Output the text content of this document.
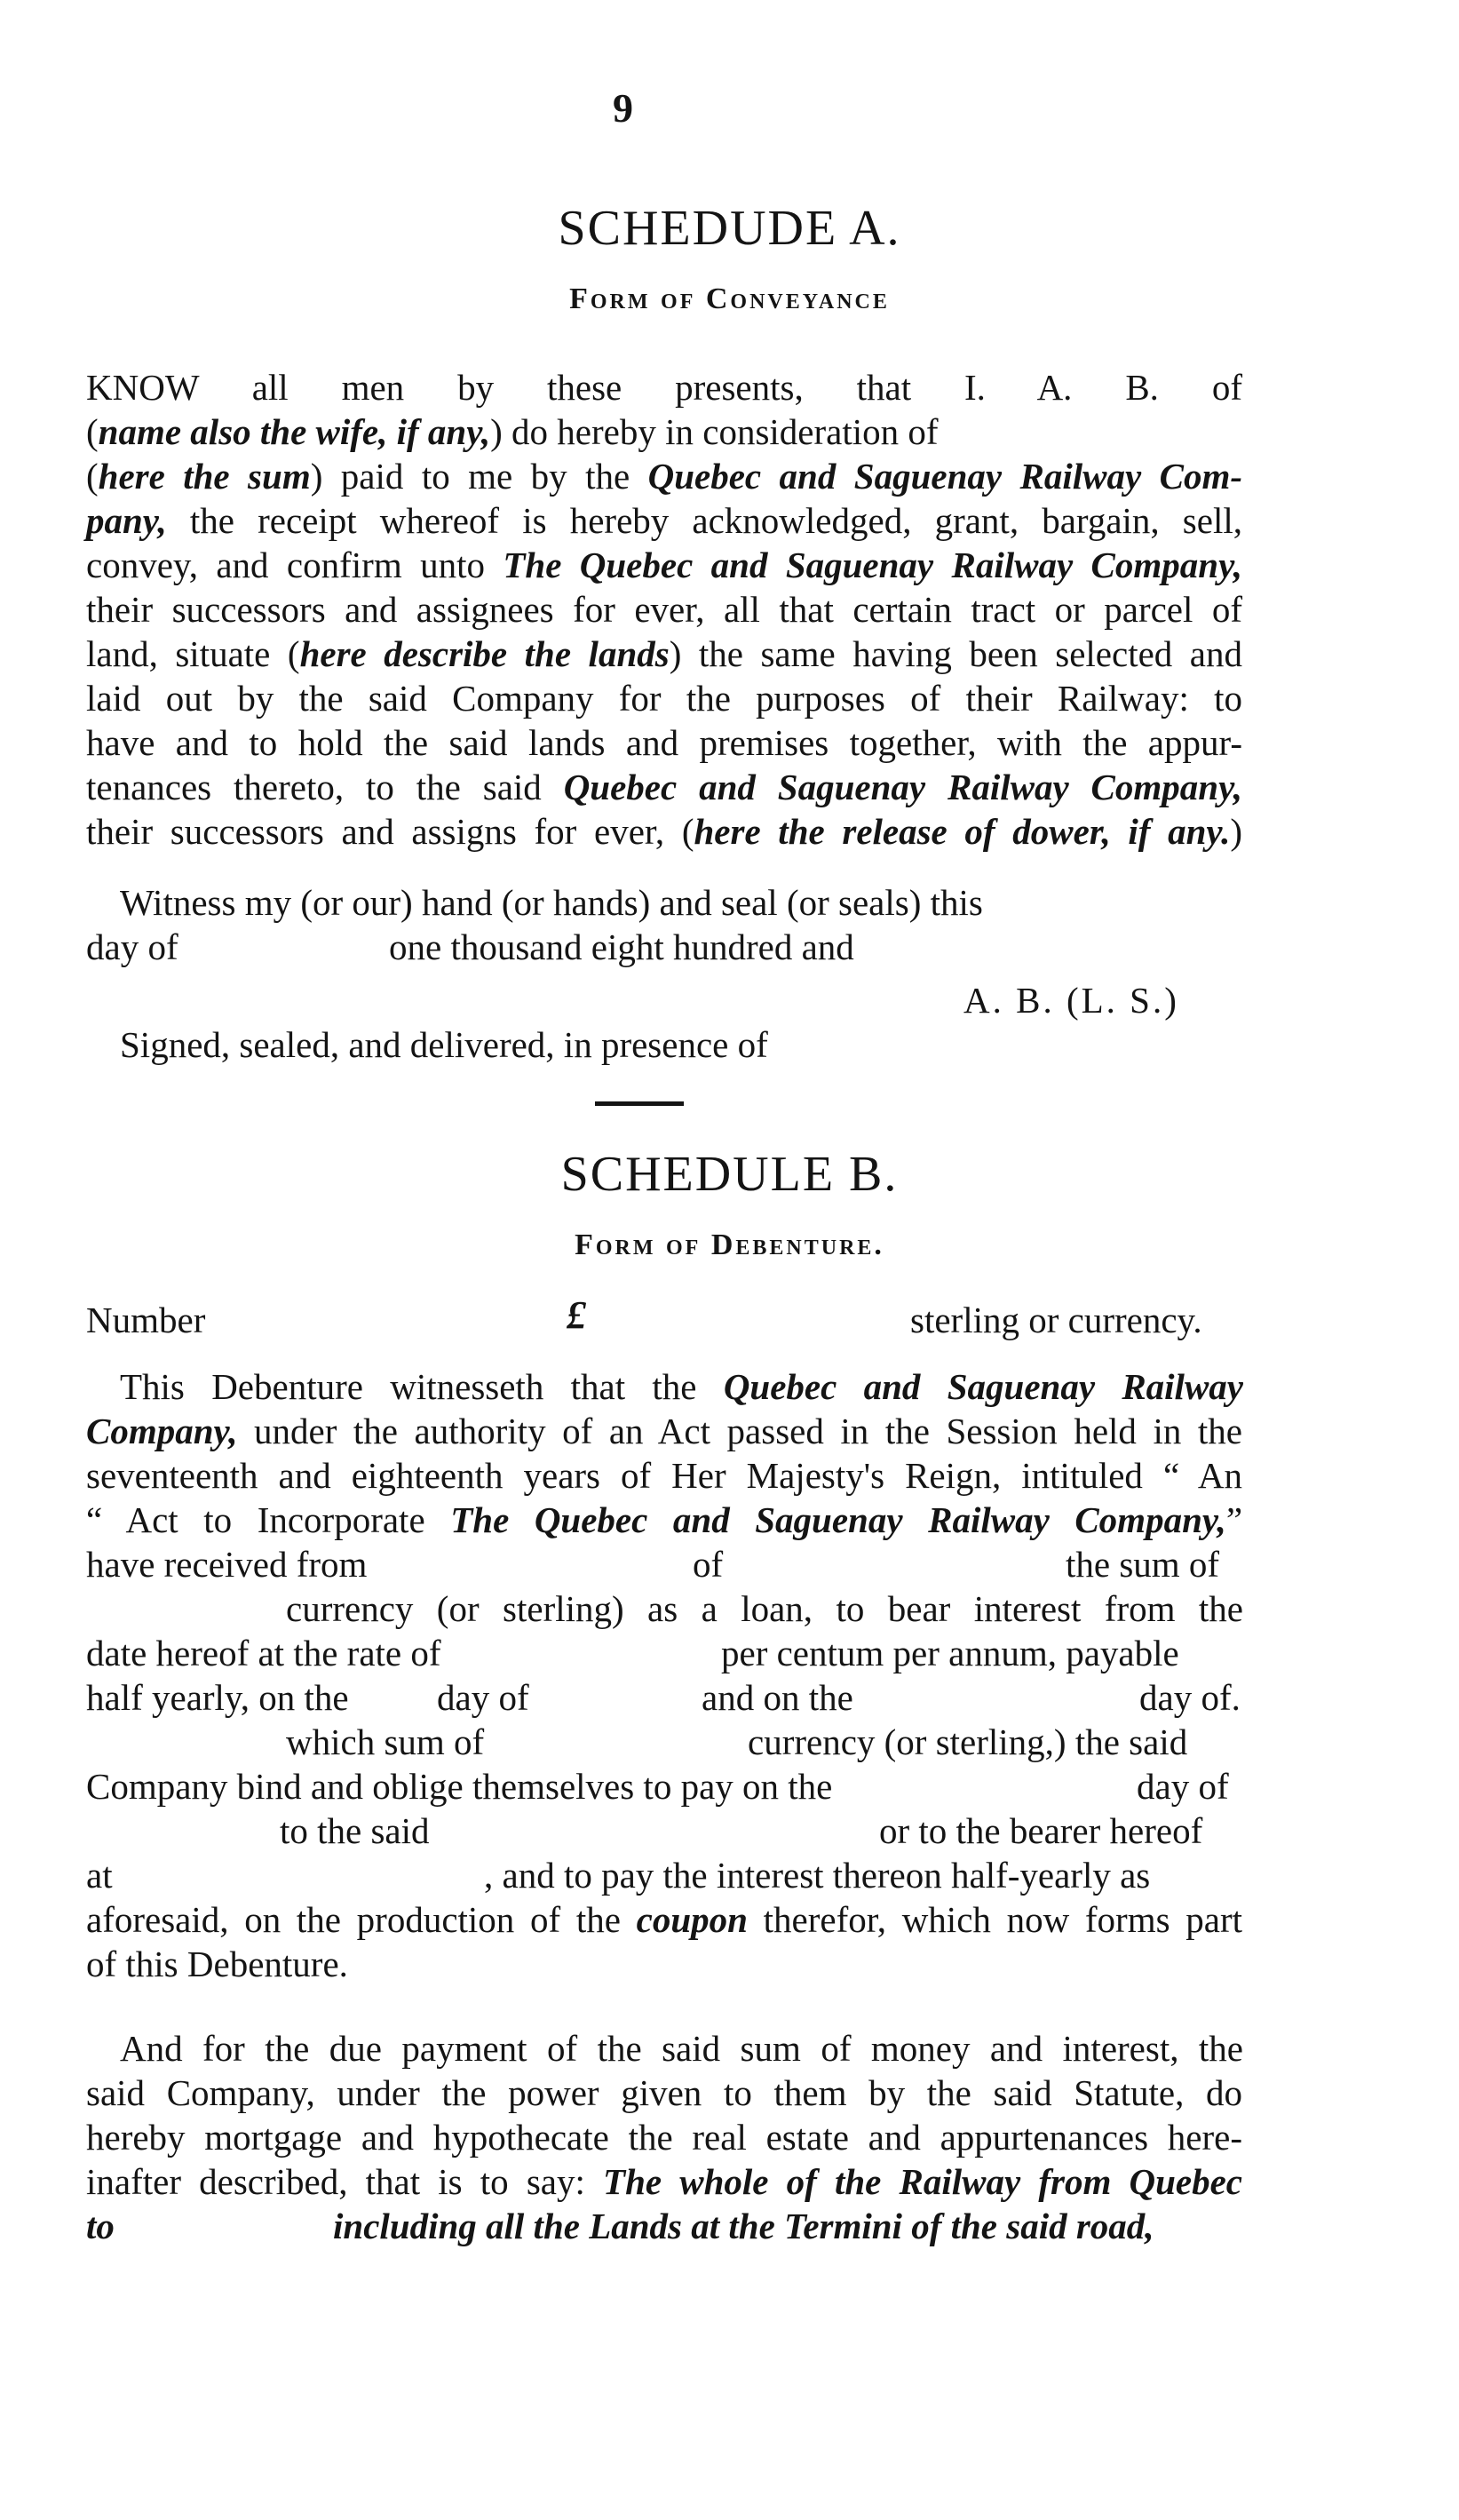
9
SCHEDUDE A.
Form of Conveyance
KNOW all men by these presents, that I. A. B. of
(name also the wife, if any,) do hereby in consideration of
(here the sum) paid to me by the Quebec and Saguenay Railway Com-
pany, the receipt whereof is hereby acknowledged, grant, bargain, sell,
convey, and confirm unto The Quebec and Saguenay Railway Company,
their successors and assignees for ever, all that certain tract or parcel of
land, situate (here describe the lands) the same having been selected and
laid out by the said Company for the purposes of their Railway: to
have and to hold the said lands and premises together, with the appur-
tenances thereto, to the said Quebec and Saguenay Railway Company,
their successors and assigns for ever, (here the release of dower, if any.)
Witness my (or our) hand (or hands) and seal (or seals) this
day of	one thousand eight hundred and
A. B. (L. S.)
Signed, sealed, and delivered, in presence of
SCHEDULE B.
Form of Debenture.
Number	£	sterling or currency.
This Debenture witnesseth that the Quebec and Saguenay Railway
Company, under the authority of an Act passed in the Session held in the
seventeenth and eighteenth years of Her Majesty's Reign, intituled “ An
“ Act to Incorporate The Quebec and Saguenay Railway Company,”
have received from	of	the sum of
currency (or sterling) as a loan, to bear interest from the
date hereof at the rate of	per centum per annum, payable
half yearly, on the day of	and on the	day of.
which sum of	currency (or sterling,) the said
Company bind and oblige themselves to pay on the	day of
to the said	or to the bearer hereof
at	, and to pay the interest thereon half-yearly as
aforesaid, on the production of the coupon therefor, which now forms part
of this Debenture.
And for the due payment of the said sum of money and interest, the
said Company, under the power given to them by the said Statute, do
hereby mortgage and hypothecate the real estate and appurtenances here-
inafter described, that is to say: The whole of the Railway from Quebec
to	including all the Lands at the Termini of the said road,
